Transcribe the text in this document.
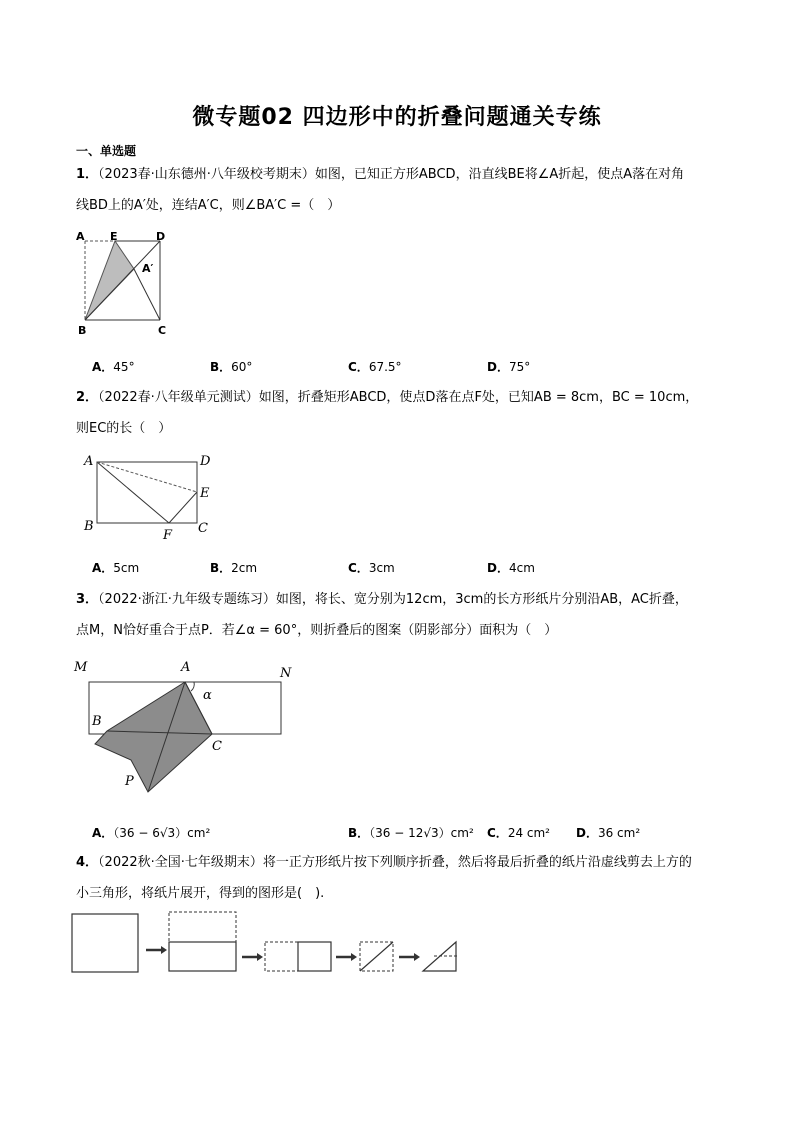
微专题02 四边形中的折叠问题通关专练
一、单选题
1．（2023春·山东德州·八年级校考期末）如图，已知正方形ABCD，沿直线BE将∠A折起，使点A落在对角
线BD上的A′处，连结A′C，则∠BA′C =（　）
A E	D
A′
B	C
A．45°	B．60°	C．67.5°	D．75°
2．（2022春·八年级单元测试）如图，折叠矩形ABCD，使点D落在点F处，已知AB = 8cm，BC = 10cm，
则EC的长（　）
A	D
E
B
F C
A．5cm	B．2cm	C．3cm	D．4cm
3．（2022·浙江·九年级专题练习）如图，将长、宽分别为12cm，3cm的长方形纸片分别沿AB，AC折叠，
点M，N恰好重合于点P．若∠α = 60°，则折叠后的图案（阴影部分）面积为（　）
M	A	N
α
B
C
P
A．（36 − 6√3）cm²	B．（36 − 12√3）cm² C．24 cm² D．36 cm²
4．（2022秋·全国·七年级期末）将一正方形纸片按下列顺序折叠，然后将最后折叠的纸片沿虚线剪去上方的
小三角形，将纸片展开，得到的图形是(　).
